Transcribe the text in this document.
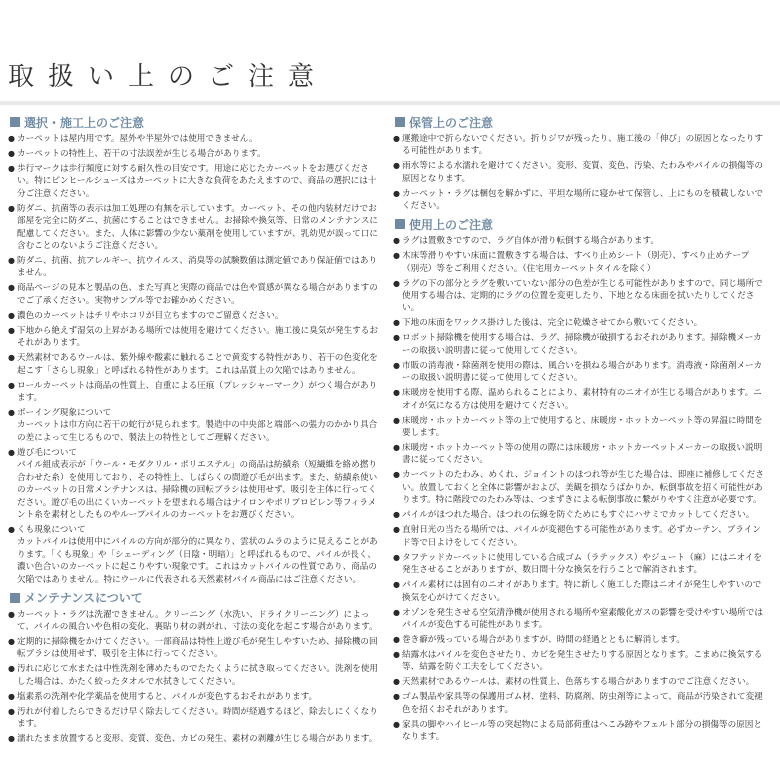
取扱い上のご注意
選択・施工上のご注意
● カーペットは屋内用です。屋外や半屋外では使用できません。
● カーペットの特性上、若干の寸法誤差が生じる場合があります。
● 歩行マークは歩行頻度に対する耐久性の目安です。用途に応じたカーペットをお選びください。特にピンヒールシューズはカーペットに大きな負荷をあたえますので、商品の選択には十
分ご注意ください。
● 防ダニ、抗菌等の表示は加工処理の有無を示しています。カーペット、その他内装材だけでお部屋を完全に防ダニ、抗菌にすることはできません。お掃除や換気等、日常のメンテナンスに配慮してください。また、人体に影響の少ない薬剤を使用していますが、乳幼児が誤って口に含むことのないようご注意ください。
● 防ダニ、抗菌、抗アレルギー、抗ウイルス、消臭等の試験数値は測定値であり保証値ではありません。
● 商品ページの見本と製品の色、また写真と実際の商品では色や質感が異なる場合がありますのでご了承ください。実物サンプル等でお確かめください。
● 濃色のカーペットはチリやホコリが目立ちますのでご留意ください。
● 下地から絶えず湿気の上昇がある場所では使用を避けてください。施工後に臭気が発生するおそれがあります。
● 天然素材であるウールは、紫外線や酸素に触れることで黄変する特性があり、若干の色変化を起こす「さらし現象」と呼ばれる特性があります。これは品質上の欠陥ではありません。
● ロールカーペットは商品の性質上、自重による圧痕（プレッシャーマーク）がつく場合があります。
● ボーイング現象について
カーペットは巾方向に若干の蛇行が見られます。製造中の中央部と端部への張力のかかり具合の差によって生じるもので、製法上の特性としてご理解ください。
● 遊び毛について
パイル組成表示が「ウール・モダクリル・ポリエステル」の商品は紡績糸（短繊維を絡め撚り合わせた糸）を使用しており、その特性上、しばらくの間遊び毛が出ます。また、紡績糸使いのカーペットの日常メンテナンスは、掃除機の回転ブラシは使用せず、吸引を主体に行ってください。遊び毛の出にくいカーペットを望まれる場合はナイロンやポリプロピレン等フィラメント糸を素材としたものやループパイルのカーペットをお選びください。
● くも現象について
カットパイルは使用中にパイルの方向が部分的に異なり、雲状のムラのように見えることがあります。「くも現象」や「シェーディング（日陰・明暗）」と呼ばれるもので、パイルが長く、濃い色合いのカーペットに起こりやすい現象です。これはカットパイルの性質であり、商品の欠陥ではありません。特にウールに代表される天然素材パイル商品にはご注意ください。
メンテナンスについて
● カーペット・ラグは洗濯できません。クリーニング（水洗い、ドライクリーニング）によって、パイルの風合いや色相の変化、裏貼り材の剥がれ、寸法の変化を起こす場合があります。
● 定期的に掃除機をかけてください。一部商品は特性上遊び毛が発生しやすいため、掃除機の回転ブラシは使用せず、吸引を主体に行ってください。
● 汚れに応じて水または中性洗剤を薄めたものでたたくように拭き取ってください。洗剤を使用した場合は、かたく絞ったタオルで水拭きしてください。
● 塩素系の洗剤や化学薬品を使用すると、パイルが変色するおそれがあります。
● 汚れが付着したらできるだけ早く除去してください。時間が経過するほど、除去しにくくなります。
● 濡れたまま放置すると変形、変質、変色、カビの発生、素材の剥離が生じる場合があります。
保管上のご注意
● 運搬途中で折らないでください。折りジワが残ったり、施工後の「伸び」の原因となったりする可能性があります。
● 雨水等による水濡れを避けてください。変形、変質、変色、汚染、たわみやパイルの損傷等の原因となります。
● カーペット・ラグは梱包を解かずに、平坦な場所に寝かせて保管し、上にものを積載しないでください。
使用上のご注意
● ラグは置敷きですので、ラグ自体が滑り転倒する場合があります。
● 木床等滑りやすい床面に置敷きする場合は、すべり止めシート（別売）、すべり止めテープ（別売）等をご利用ください。（住宅用カーペットタイルを除く）
● ラグの下の部分とラグを敷いていない部分の色差が生じる可能性がありますので、同じ場所で使用する場合は、定期的にラグの位置を変更したり、下地となる床面を拭いたりしてください。
● 下地の床面をワックス掛けした後は、完全に乾燥させてから敷いてください。
● ロボット掃除機を使用する場合は、ラグ、掃除機が破損するおそれがあります。掃除機メーカーの取扱い説明書に従って使用してください。
● 市販の消毒液・除菌剤を使用の際は、風合いを損ねる場合があります。消毒液・除菌剤メーカーの取扱い説明書に従って使用してください。
● 床暖房を使用する際、温められることにより、素材特有のニオイが生じる場合があります。ニオイが気になる方は使用を避けてください。
● 床暖房・ホットカーペット等の上で使用すると、床暖房・ホットカーペット等の昇温に時間を要します。
● 床暖房・ホットカーペット等の使用の際には床暖房・ホットカーペットメーカーの取扱い説明書に従ってください。
● カーペットのたわみ、めくれ、ジョイントのほつれ等が生じた場合は、即座に補修してください。放置しておくと全体に影響がおよび、美観を損なうばかりか、転倒事故を招く可能性があります。特に階段でのたわみ等は、つまずきによる転倒事故に繋がりやすく注意が必要です。
● パイルがほつれた場合、ほつれの伝線を防ぐためにもすぐにハサミでカットしてください。
● 直射日光の当たる場所では、パイルが変褪色する可能性があります。必ずカーテン、ブラインド等で日よけをしてください。
● タフテッドカーペットに使用している合成ゴム（ラテックス）やジュート（麻）にはニオイを発生させることがありますが、数日間十分な換気を行うことで解消されます。
● パイル素材には固有のニオイがあります。特に新しく施工した際はニオイが発生しやすいので換気を心がけてください。
● オゾンを発生させる空気清浄機が使用される場所や窒素酸化ガスの影響を受けやすい場所ではパイルが変色する可能性があります。
● 巻き癖が残っている場合がありますが、時間の経過とともに解消します。
● 結露水はパイルを変色させたり、カビを発生させたりする原因となります。こまめに換気する等、結露を防ぐ工夫をしてください。
● 天然素材であるウールは、素材の性質上、色落ちする場合がありますのでご注意ください。
● ゴム製品や家具等の保護用ゴム材、塗料、防腐剤、防虫剤等によって、商品が汚染されて変褪色を招くおそれがあります。
● 家具の脚やハイヒール等の突起物による局部荷重はへこみ跡やフェルト部分の損傷等の原因となります。
